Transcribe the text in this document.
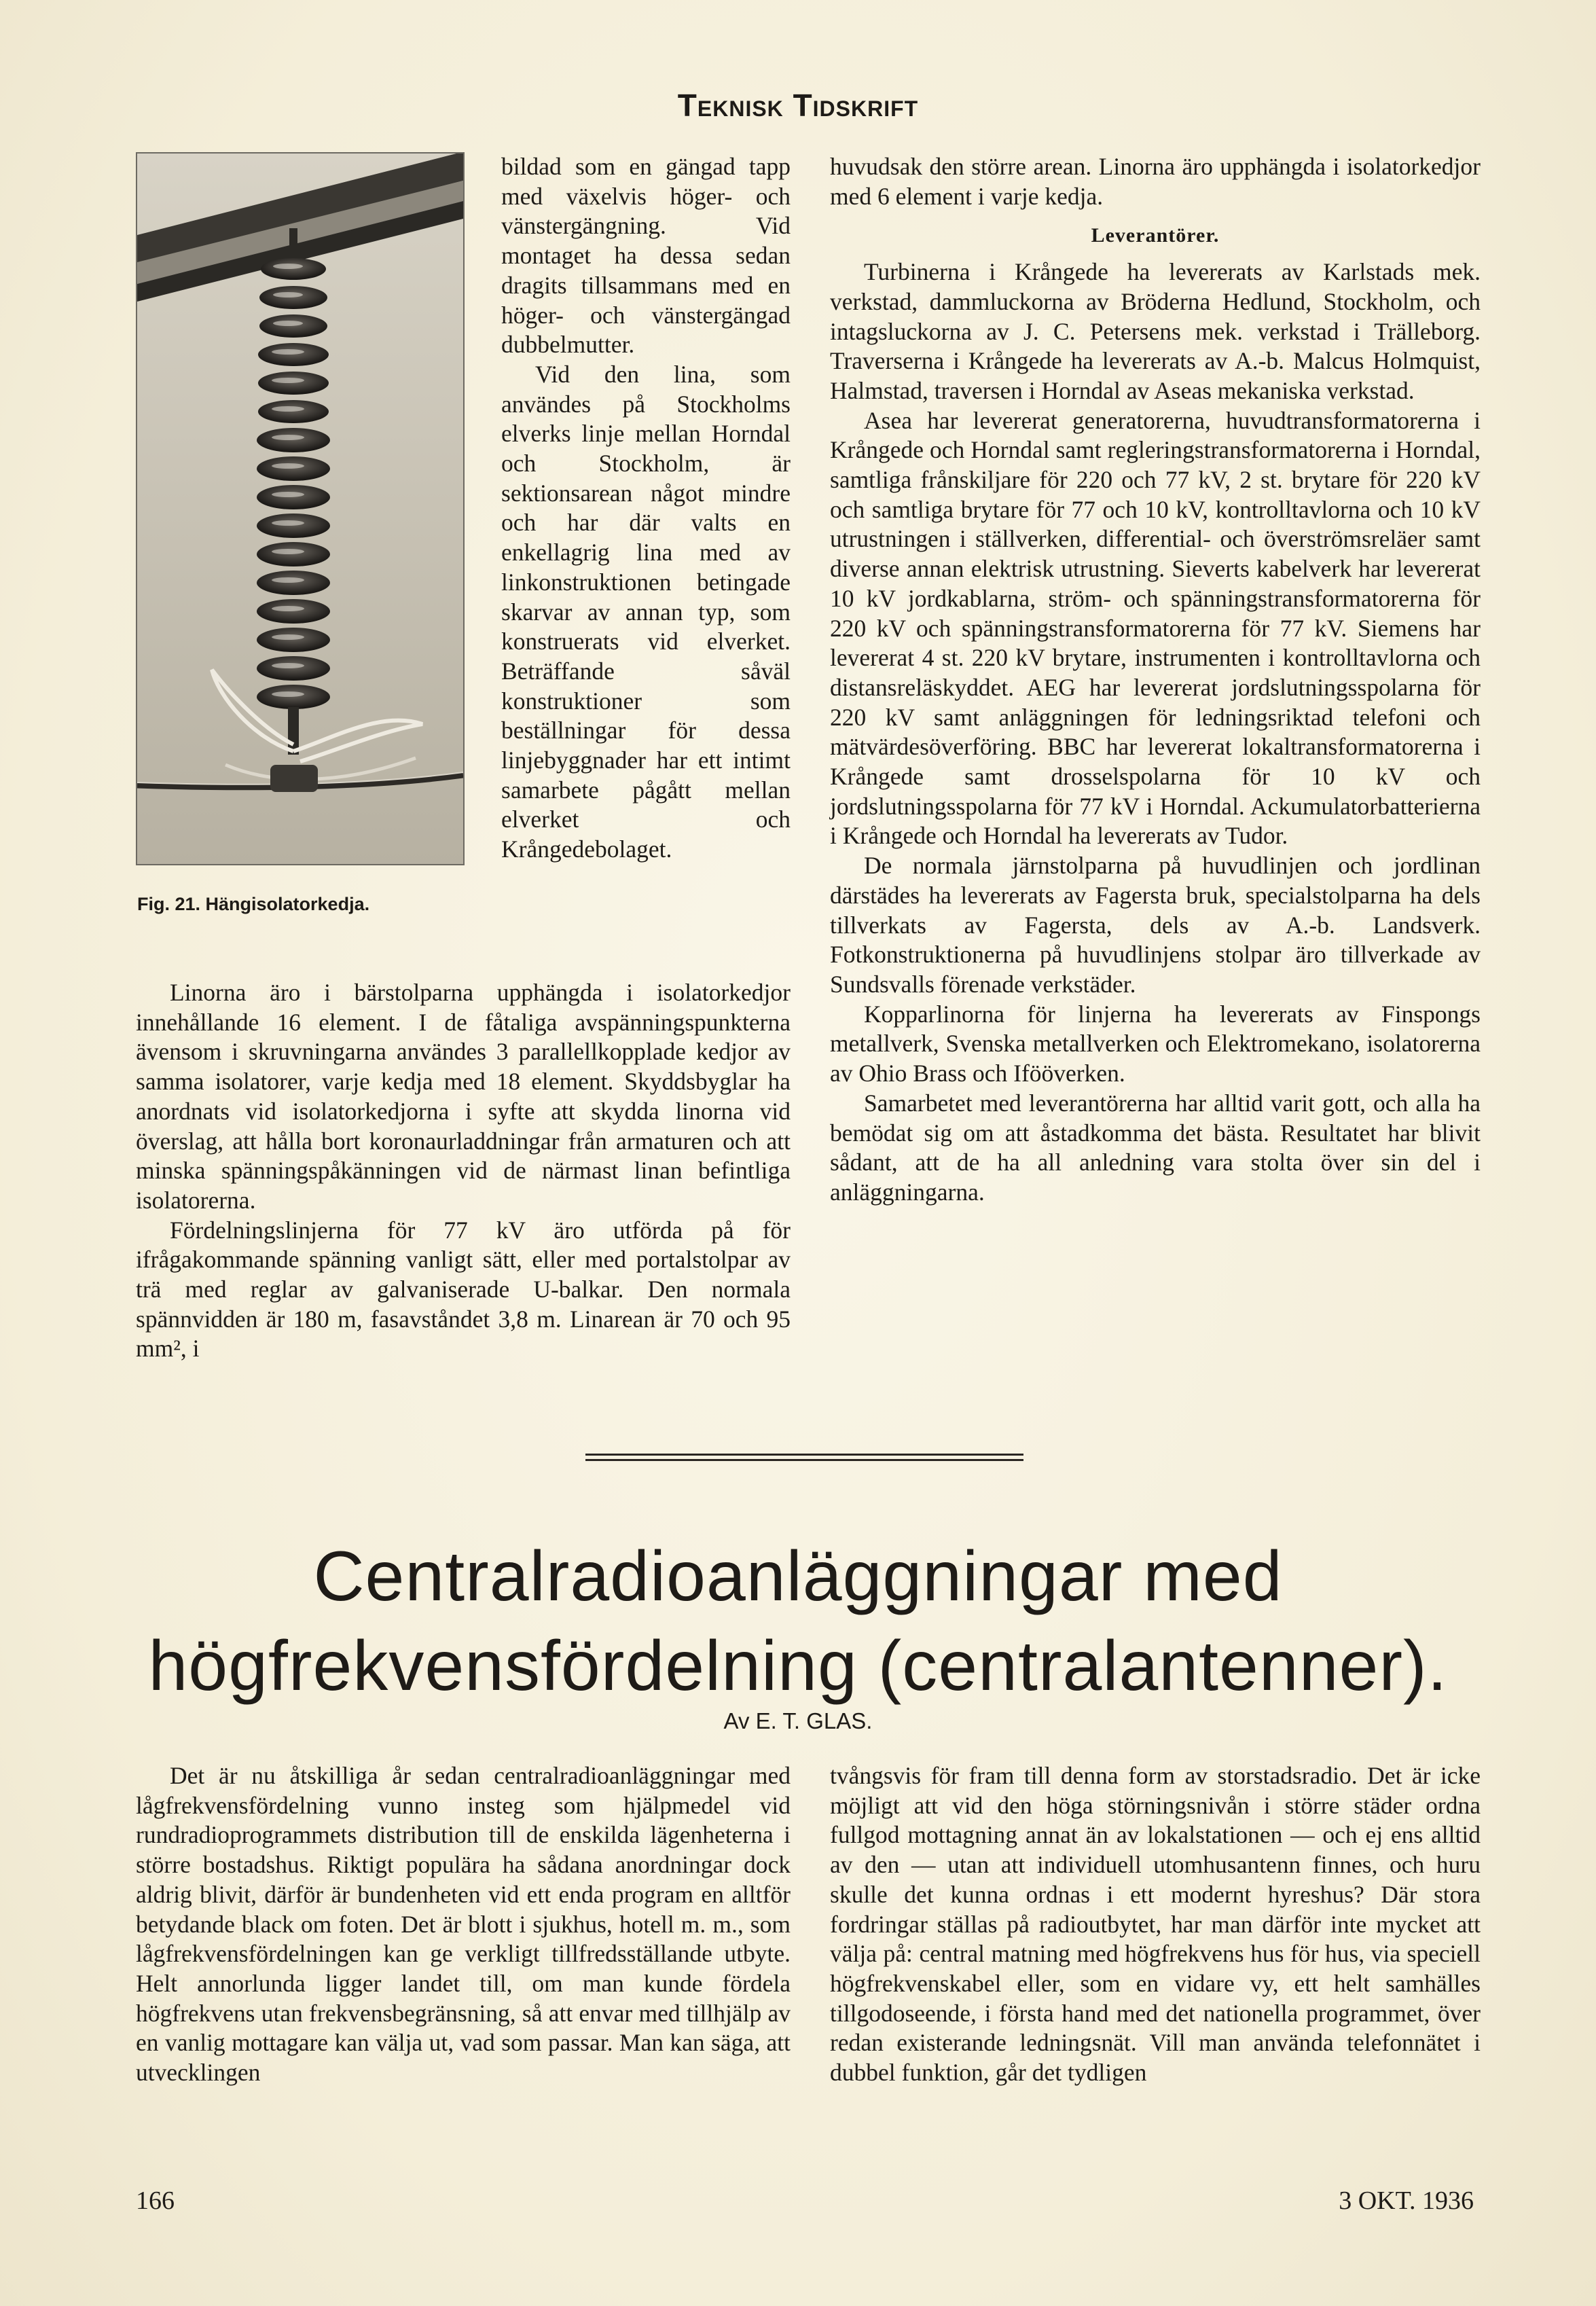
Teknisk Tidskrift
Fig. 21. Hängisolatorkedja.

bildad som en gängad tapp med växelvis höger- och vänstergängning. Vid montaget ha dessa sedan dragits tillsammans med en höger- och vänstergängad dubbelmutter.

Vid den lina, som användes på Stockholms elverks linje mellan Horndal och Stockholm, är sektionsarean något mindre och har där valts en enkellagrig lina med av linkonstruktionen betingade skarvar av annan typ, som konstruerats vid elverket. Beträffande såväl konstruktioner som beställningar för dessa linjebyggnader har ett intimt samarbete pågått mellan elverket och Krångedebolaget.

Linorna äro i bärstolparna upphängda i isolatorkedjor innehållande 16 element. I de fåtaliga avspänningspunkterna ävensom i skruvningarna användes 3 parallellkopplade kedjor av samma isolatorer, varje kedja med 18 element. Skyddsbyglar ha anordnats vid isolatorkedjorna i syfte att skydda linorna vid överslag, att hålla bort koronaurladdningar från armaturen och att minska spänningspåkänningen vid de närmast linan befintliga isolatorerna.

Fördelningslinjerna för 77 kV äro utförda på för ifrågakommande spänning vanligt sätt, eller med portalstolpar av trä med reglar av galvaniserade U-balkar. Den normala spännvidden är 180 m, fasavståndet 3,8 m. Linarean är 70 och 95 mm², i

huvudsak den större arean. Linorna äro upphängda i isolatorkedjor med 6 element i varje kedja.

Leverantörer.

Turbinerna i Krångede ha levererats av Karlstads mek. verkstad, dammluckorna av Bröderna Hedlund, Stockholm, och intagsluckorna av J. C. Petersens mek. verkstad i Trälleborg. Traverserna i Krångede ha levererats av A.-b. Malcus Holmquist, Halmstad, traversen i Horndal av Aseas mekaniska verkstad.

Asea har levererat generatorerna, huvudtransformatorerna i Krångede och Horndal samt regleringstransformatorerna i Horndal, samtliga frånskiljare för 220 och 77 kV, 2 st. brytare för 220 kV och samtliga brytare för 77 och 10 kV, kontrolltavlorna och 10 kV utrustningen i ställverken, differential- och överströmsreläer samt diverse annan elektrisk utrustning. Sieverts kabelverk har levererat 10 kV jordkablarna, ström- och spänningstransformatorerna för 220 kV och spänningstransformatorerna för 77 kV. Siemens har levererat 4 st. 220 kV brytare, instrumenten i kontrolltavlorna och distansreläskyddet. AEG har levererat jordslutningsspolarna för 220 kV samt anläggningen för ledningsriktad telefoni och mätvärdesöverföring. BBC har levererat lokaltransformatorerna i Krångede samt drosselspolarna för 10 kV och jordslutningsspolarna för 77 kV i Horndal. Ackumulatorbatterierna i Krångede och Horndal ha levererats av Tudor.

De normala järnstolparna på huvudlinjen och jordlinan därstädes ha levererats av Fagersta bruk, specialstolparna ha dels tillverkats av Fagersta, dels av A.-b. Landsverk. Fotkonstruktionerna på huvudlinjens stolpar äro tillverkade av Sundsvalls förenade verkstäder.

Kopparlinorna för linjerna ha levererats av Finspongs metallverk, Svenska metallverken och Elektromekano, isolatorerna av Ohio Brass och Ifööverken.

Samarbetet med leverantörerna har alltid varit gott, och alla ha bemödat sig om att åstadkomma det bästa. Resultatet har blivit sådant, att de ha all anledning vara stolta över sin del i anläggningarna.

Centralradioanläggningar med högfrekvensfördelning (centralantenner).
Av E. T. GLAS.

Det är nu åtskilliga år sedan centralradioanläggningar med lågfrekvensfördelning vunno insteg som hjälpmedel vid rundradioprogrammets distribution till de enskilda lägenheterna i större bostadshus. Riktigt populära ha sådana anordningar dock aldrig blivit, därför är bundenheten vid ett enda program en alltför betydande black om foten. Det är blott i sjukhus, hotell m. m., som lågfrekvensfördelningen kan ge verkligt tillfredsställande utbyte. Helt annorlunda ligger landet till, om man kunde fördela högfrekvens utan frekvensbegränsning, så att envar med tillhjälp av en vanlig mottagare kan välja ut, vad som passar. Man kan säga, att utvecklingen

tvångsvis för fram till denna form av storstadsradio. Det är icke möjligt att vid den höga störningsnivån i större städer ordna fullgod mottagning annat än av lokalstationen — och ej ens alltid av den — utan att individuell utomhusantenn finnes, och huru skulle det kunna ordnas i ett modernt hyreshus? Där stora fordringar ställas på radioutbytet, har man därför inte mycket att välja på: central matning med högfrekvens hus för hus, via speciell högfrekvenskabel eller, som en vidare vy, ett helt samhälles tillgodoseende, i första hand med det nationella programmet, över redan existerande ledningsnät. Vill man använda telefonnätet i dubbel funktion, går det tydligen

166	3 OKT. 1936
